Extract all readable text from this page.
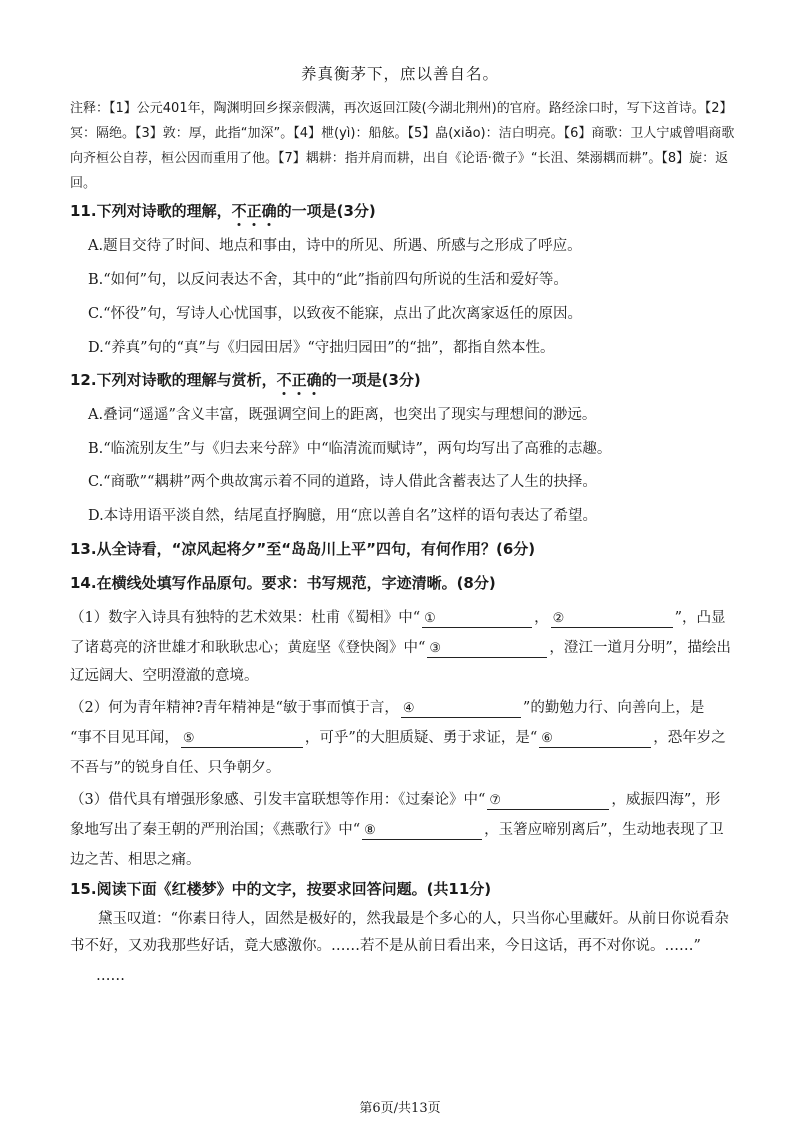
养真衡茅下，庶以善自名。
注释：【1】公元401年，陶渊明回乡探亲假满，再次返回江陵(今湖北荆州)的官府。路经涂口时，写下这首诗。【2】
冥：隔绝。【3】敦：厚，此指“加深”。【4】枻(yì)：船舷。【5】皛(xiǎo)：洁白明亮。【6】商歌：卫人宁戚曾唱商歌
向齐桓公自荐，桓公因而重用了他。【7】耦耕：指并肩而耕，出自《论语·微子》“长沮、桀溺耦而耕”。【8】旋：返
回。
11.下列对诗歌的理解，不正确的一项是(3分)
A.题目交待了时间、地点和事由，诗中的所见、所遇、所感与之形成了呼应。
B.“如何”句，以反问表达不舍，其中的“此”指前四句所说的生活和爱好等。
C.“怀役”句，写诗人心忧国事，以致夜不能寐，点出了此次离家返任的原因。
D.“养真”句的“真”与《归园田居》“守拙归园田”的“拙”，都指自然本性。
12.下列对诗歌的理解与赏析，不正确的一项是(3分)
A.叠词“遥遥”含义丰富，既强调空间上的距离，也突出了现实与理想间的渺远。
B.“临流别友生”与《归去来兮辞》中“临清流而赋诗”，两句均写出了高雅的志趣。
C.“商歌”“耦耕”两个典故寓示着不同的道路，诗人借此含蓄表达了人生的抉择。
D.本诗用语平淡自然，结尾直抒胸臆，用“庶以善自名”这样的语句表达了希望。
13.从全诗看，“凉风起将夕”至“岛岛川上平”四句，有何作用？(6分)
14.在横线处填写作品原句。要求：书写规范，字迹清晰。(8分)
（1）数字入诗具有独特的艺术效果：杜甫《蜀相》中“ ①	， ②	”，凸显
了诸葛亮的济世雄才和耿耿忠心；黄庭坚《登快阁》中“ ③	，澄江一道月分明”，描绘出
辽远阔大、空明澄澈的意境。
（2）何为青年精神?青年精神是“敏于事而慎于言， ④	”的勤勉力行、向善向上，是
“事不目见耳闻， ⑤	，可乎”的大胆质疑、勇于求证，是“ ⑥	，恐年岁之
不吾与”的锐身自任、只争朝夕。
（3）借代具有增强形象感、引发丰富联想等作用：《过秦论》中“ ⑦	，威振四海”，形
象地写出了秦王朝的严刑治国；《燕歌行》中“ ⑧	，玉箸应啼别离后”，生动地表现了卫
边之苦、相思之痛。
15.阅读下面《红楼梦》中的文字，按要求回答问题。(共11分)
黛玉叹道：“你素日待人，固然是极好的，然我最是个多心的人，只当你心里藏奸。从前日你说看杂
书不好，又劝我那些好话，竟大感激你。……若不是从前日看出来，今日这话，再不对你说。……”
……
第6页/共13页
